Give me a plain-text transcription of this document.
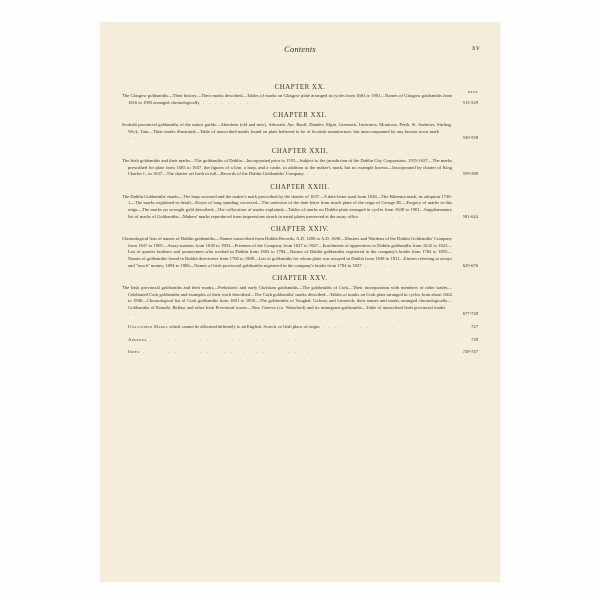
Contents	xv
CHAPTER XX.
PAGE
The Glasgow goldsmiths—Their history—Their marks described—Tables of marks on Glasgow plate arranged in cycles from 1681 to 1901—Names of Glasgow goldsmiths from 1616 to 1903 arranged chronologically . . . . . . . .	515-529
CHAPTER XXI.
Scottish provincial goldsmiths of the minor guilds—Aberdeen (old and new), Arbroath, Ayr, Banff, Dundee, Elgin, Greenock, Inverness, Montrose, Perth, St. Andrews, Stirling, Wick, Tain—Their marks illustrated—Table of unascribed marks found on plate believed to be of Scottish manufacture, but unaccompanied by any known town mark . . . .	530-558
CHAPTER XXII.
The Irish goldsmiths and their marks—The goldsmiths of Dublin—Incorporated prior to 1555—Subject to the jurisdiction of the Dublin City Corporation, 1555-1637—The marks prescribed for plate from 1605 to 1637, the figures of a lion, a harp, and a castle, in addition to the maker's mark, but no example known—Incorporated by charter of King Charles I., in 1637—The charter set forth in full—Records of the Dublin Goldsmiths' Company . . . .	559-580
CHAPTER XXIII.
The Dublin Goldsmiths' marks—The harp crowned and the maker's mark prescribed by the charter of 1637—A date-letter used from 1638—The Hibernia mark, its adoption 1730-1—The marks explained in detail—Errors of long standing corrected—The omission of the date-letter from much plate of the reign of George III.—Forgery of marks in this reign—The marks on wrought gold described—The collocation of marks explained—Tables of marks on Dublin plate arranged in cycles from 1638 to 1901—Supplementary list of marks of Goldsmiths—Makers' marks reproduced from impressions struck in metal plates preserved at the assay office . . . . . . . . .	581-624
CHAPTER XXIV.
Chronological lists of names of Dublin goldsmiths—Names transcribed from Dublin Records, A.D. 1200 to A.D. 1630—Masters and Wardens of the Dublin Goldsmiths' Company from 1637 to 1905—Assay-masters from 1638 to 1903—Freemen of the Company from 1637 to 1847—Enrolments of apprentices to Dublin goldsmiths from 1632 to 1823—List of quarter brothers and journeymen who worked in Dublin from 1682 to 1784—Names of Dublin goldsmiths registered in the company's books from 1784 to 1855—Names of goldsmiths found in Dublin directories from 1760 to 1808—List of goldsmiths for whom plate was assayed in Dublin from 1638 to 1811—Entries referring to assays and "touch" money, 1694 to 1806—Names of Irish provincial goldsmiths registered in the company's books from 1784 to 1827 . . . . . . . .	625-676
CHAPTER XXV.
The Irish provincial goldsmiths and their marks—Prehistoric and early Christian goldsmiths—The goldsmiths of Cork—Their incorporation with members of other trades—Celebrated Cork goldsmiths and examples of their work described—The Cork goldsmiths' marks described—Tables of marks on Cork plate arranged in cycles from about 1662 to 1840—Chronological list of Cork goldsmiths from 1601 to 1850—The goldsmiths of Youghal, Galway and Limerick; their names and marks arranged chronologically—Goldsmiths of Kinsale, Belfast and other Irish Provincial towns—New Geneva (co. Waterford) and its immigrant goldsmiths—Table of unascribed Irish provincial marks . . . . .	677-728
Unascribed Marks which cannot be allocated definitely to an English, Scotch, or Irish place of origin . . . . . . . . . . . .	727
Addenda . . . . . . . . . . . . . . . . . . . . . . . . . .	728
Index . . . . . . . . . . . . . . . . . . . . . . . . . . .	729-747
